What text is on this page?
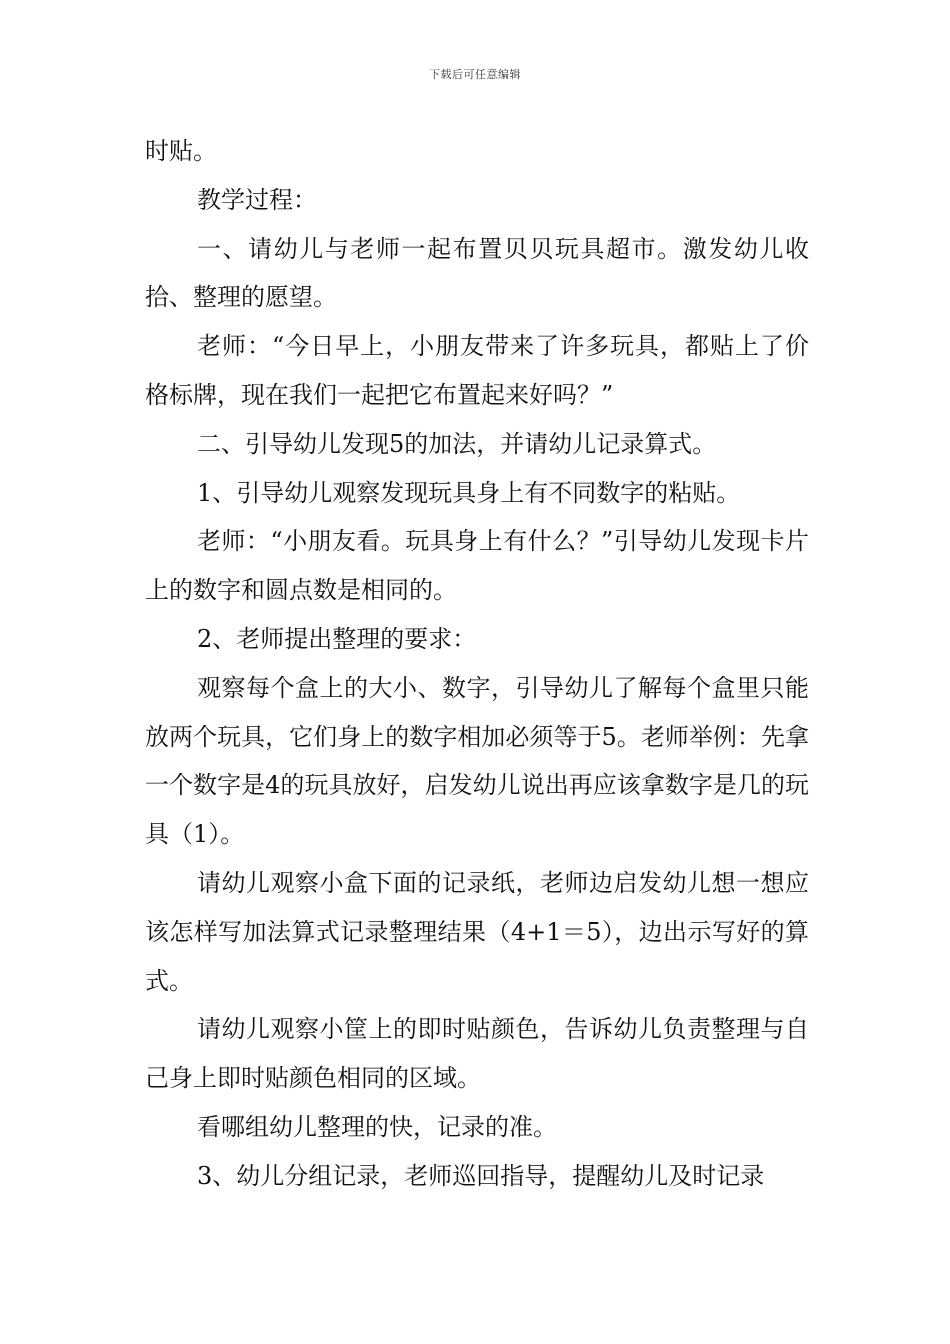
下载后可任意编辑

时贴。

教学过程：

一、请幼儿与老师一起布置贝贝玩具超市。激发幼儿收拾、整理的愿望。

老师：“今日早上，小朋友带来了许多玩具，都贴上了价格标牌，现在我们一起把它布置起来好吗？”

二、引导幼儿发现5的加法，并请幼儿记录算式。

1、引导幼儿观察发现玩具身上有不同数字的粘贴。

老师：“小朋友看。玩具身上有什么？”引导幼儿发现卡片上的数字和圆点数是相同的。

2、老师提出整理的要求：

观察每个盒上的大小、数字，引导幼儿了解每个盒里只能放两个玩具，它们身上的数字相加必须等于5。老师举例：先拿一个数字是4的玩具放好，启发幼儿说出再应该拿数字是几的玩具（1）。

请幼儿观察小盒下面的记录纸，老师边启发幼儿想一想应该怎样写加法算式记录整理结果（4+1＝5），边出示写好的算式。

请幼儿观察小筐上的即时贴颜色，告诉幼儿负责整理与自己身上即时贴颜色相同的区域。

看哪组幼儿整理的快，记录的准。

3、幼儿分组记录，老师巡回指导，提醒幼儿及时记录
